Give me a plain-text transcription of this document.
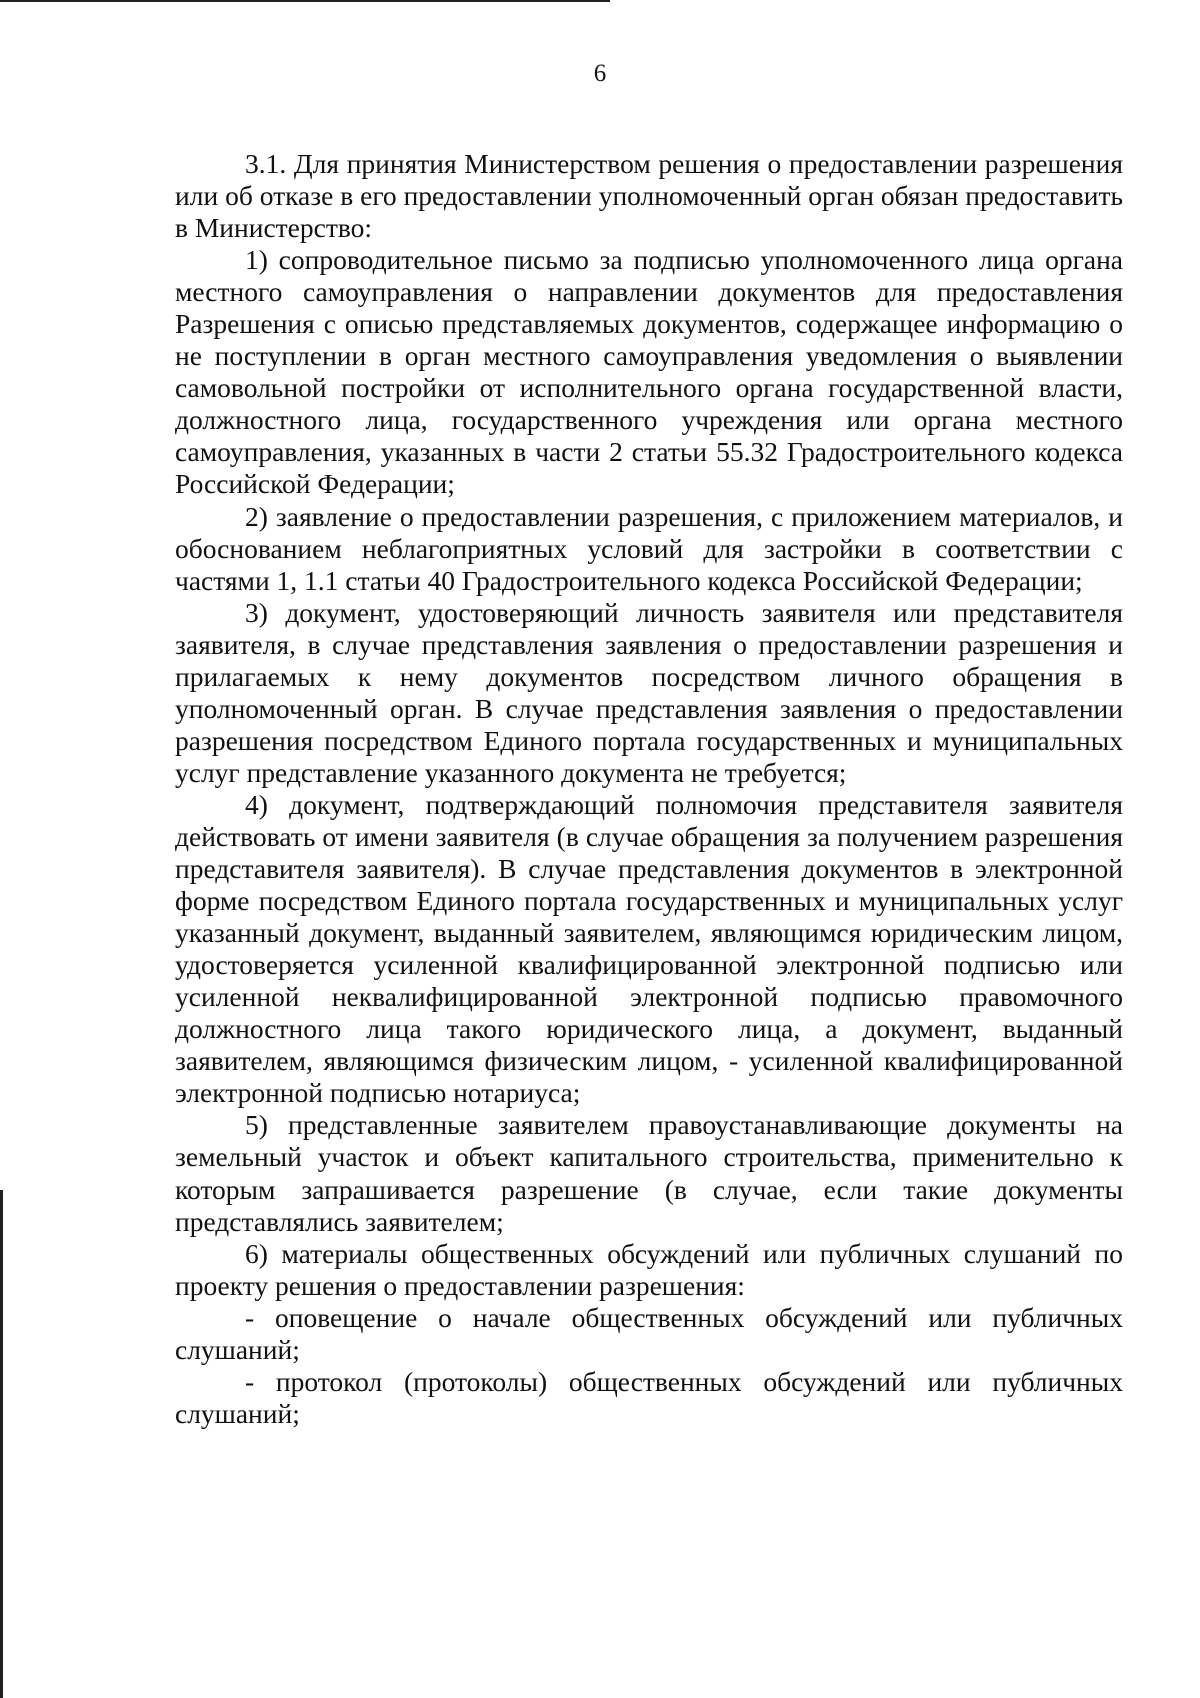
6

3.1. Для принятия Министерством решения о предоставлении разрешения или об отказе в его предоставлении уполномоченный орган обязан предоставить в Министерство:

1) сопроводительное письмо за подписью уполномоченного лица органа местного самоуправления о направлении документов для предоставления Разрешения с описью представляемых документов, содержащее информацию о не поступлении в орган местного самоуправления уведомления о выявлении самовольной постройки от исполнительного органа государственной власти, должностного лица, государственного учреждения или органа местного самоуправления, указанных в части 2 статьи 55.32 Градостроительного кодекса Российской Федерации;

2) заявление о предоставлении разрешения, с приложением материалов, и обоснованием неблагоприятных условий для застройки в соответствии с частями 1, 1.1 статьи 40 Градостроительного кодекса Российской Федерации;

3) документ, удостоверяющий личность заявителя или представителя заявителя, в случае представления заявления о предоставлении разрешения и прилагаемых к нему документов посредством личного обращения в уполномоченный орган. В случае представления заявления о предоставлении разрешения посредством Единого портала государственных и муниципальных услуг представление указанного документа не требуется;

4) документ, подтверждающий полномочия представителя заявителя действовать от имени заявителя (в случае обращения за получением разрешения представителя заявителя). В случае представления документов в электронной форме посредством Единого портала государственных и муниципальных услуг указанный документ, выданный заявителем, являющимся юридическим лицом, удостоверяется усиленной квалифицированной электронной подписью или усиленной неквалифицированной электронной подписью правомочного должностного лица такого юридического лица, а документ, выданный заявителем, являющимся физическим лицом, - усиленной квалифицированной электронной подписью нотариуса;

5) представленные заявителем правоустанавливающие документы на земельный участок и объект капитального строительства, применительно к которым запрашивается разрешение (в случае, если такие документы представлялись заявителем;

6) материалы общественных обсуждений или публичных слушаний по проекту решения о предоставлении разрешения:

- оповещение о начале общественных обсуждений или публичных слушаний;

- протокол (протоколы) общественных обсуждений или публичных слушаний;
